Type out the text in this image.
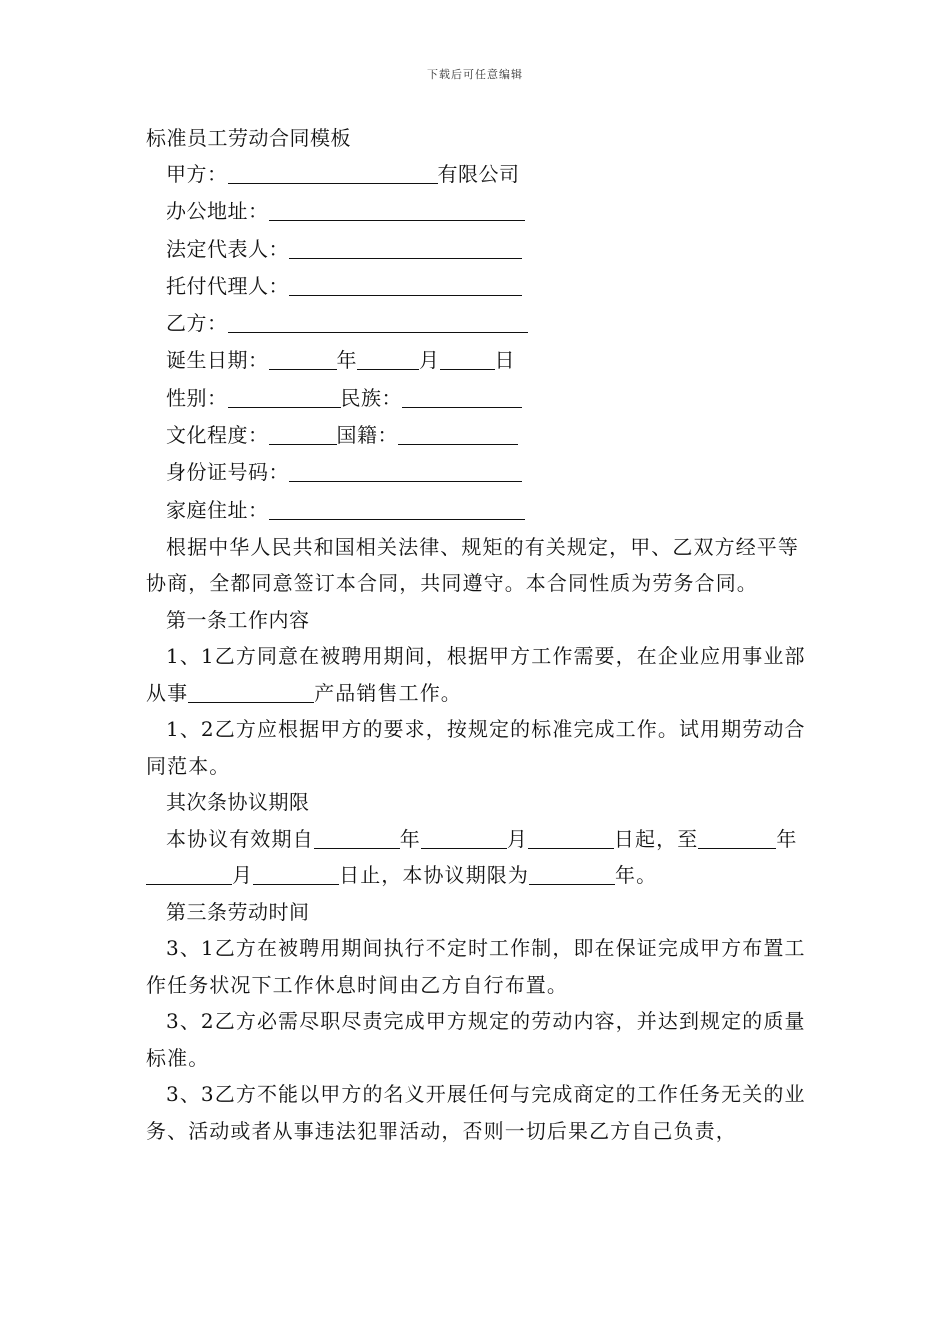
下载后可任意编辑
标准员工劳动合同模板
甲方：	有限公司
办公地址：
法定代表人：
托付代理人：
乙方：
诞生日期：	年	月	日
性别：	民族：
文化程度：	国籍：
身份证号码：
家庭住址：

根据中华人民共和国相关法律、规矩的有关规定，甲、乙双方经平等协商，全都同意签订本合同，共同遵守。本合同性质为劳务合同。

第一条工作内容

1、1乙方同意在被聘用期间，根据甲方工作需要，在企业应用事业部从事	产品销售工作。

1、2乙方应根据甲方的要求，按规定的标准完成工作。试用期劳动合同范本。

其次条协议期限

本协议有效期自	年	月	日起，至	年月	日止，本协议期限为	年。

第三条劳动时间

3、1乙方在被聘用期间执行不定时工作制，即在保证完成甲方布置工作任务状况下工作休息时间由乙方自行布置。

3、2乙方必需尽职尽责完成甲方规定的劳动内容，并达到规定的质量标准。

3、3乙方不能以甲方的名义开展任何与完成商定的工作任务无关的业务、活动或者从事违法犯罪活动，否则一切后果乙方自己负责，
